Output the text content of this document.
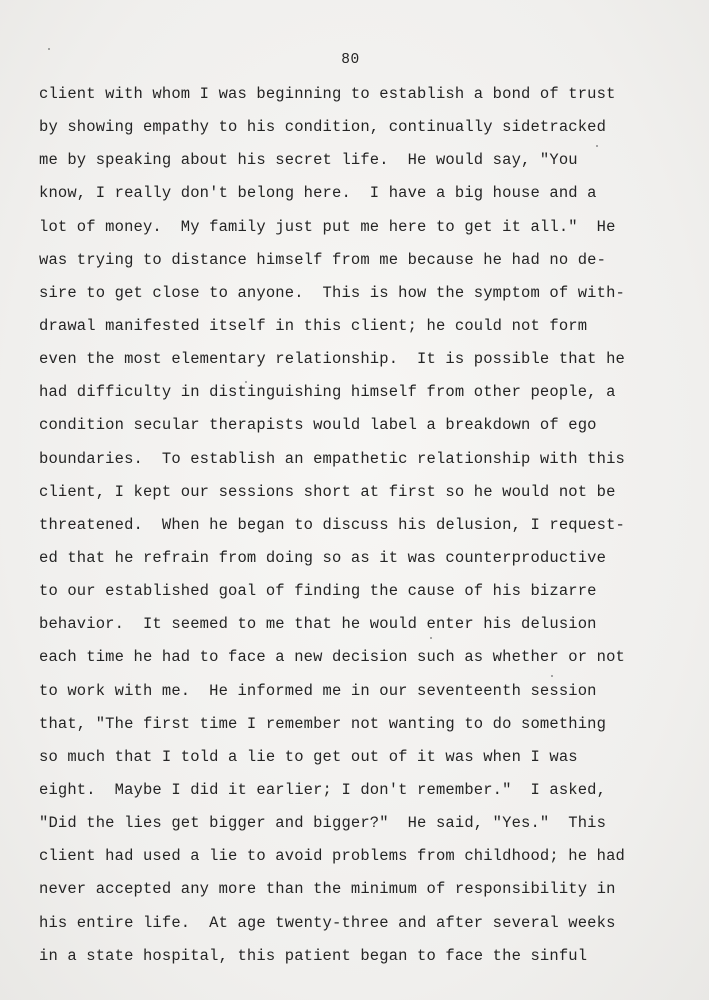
80
client with whom I was beginning to establish a bond of trust
by showing empathy to his condition, continually sidetracked
me by speaking about his secret life.  He would say, "You
know, I really don't belong here.  I have a big house and a
lot of money.  My family just put me here to get it all."  He
was trying to distance himself from me because he had no de-
sire to get close to anyone.  This is how the symptom of with-
drawal manifested itself in this client; he could not form
even the most elementary relationship.  It is possible that he
had difficulty in distinguishing himself from other people, a
condition secular therapists would label a breakdown of ego
boundaries.  To establish an empathetic relationship with this
client, I kept our sessions short at first so he would not be
threatened.  When he began to discuss his delusion, I request-
ed that he refrain from doing so as it was counterproductive
to our established goal of finding the cause of his bizarre
behavior.  It seemed to me that he would enter his delusion
each time he had to face a new decision such as whether or not
to work with me.  He informed me in our seventeenth session
that, "The first time I remember not wanting to do something
so much that I told a lie to get out of it was when I was
eight.  Maybe I did it earlier; I don't remember."  I asked,
"Did the lies get bigger and bigger?"  He said, "Yes."  This
client had used a lie to avoid problems from childhood; he had
never accepted any more than the minimum of responsibility in
his entire life.  At age twenty-three and after several weeks
in a state hospital, this patient began to face the sinful
